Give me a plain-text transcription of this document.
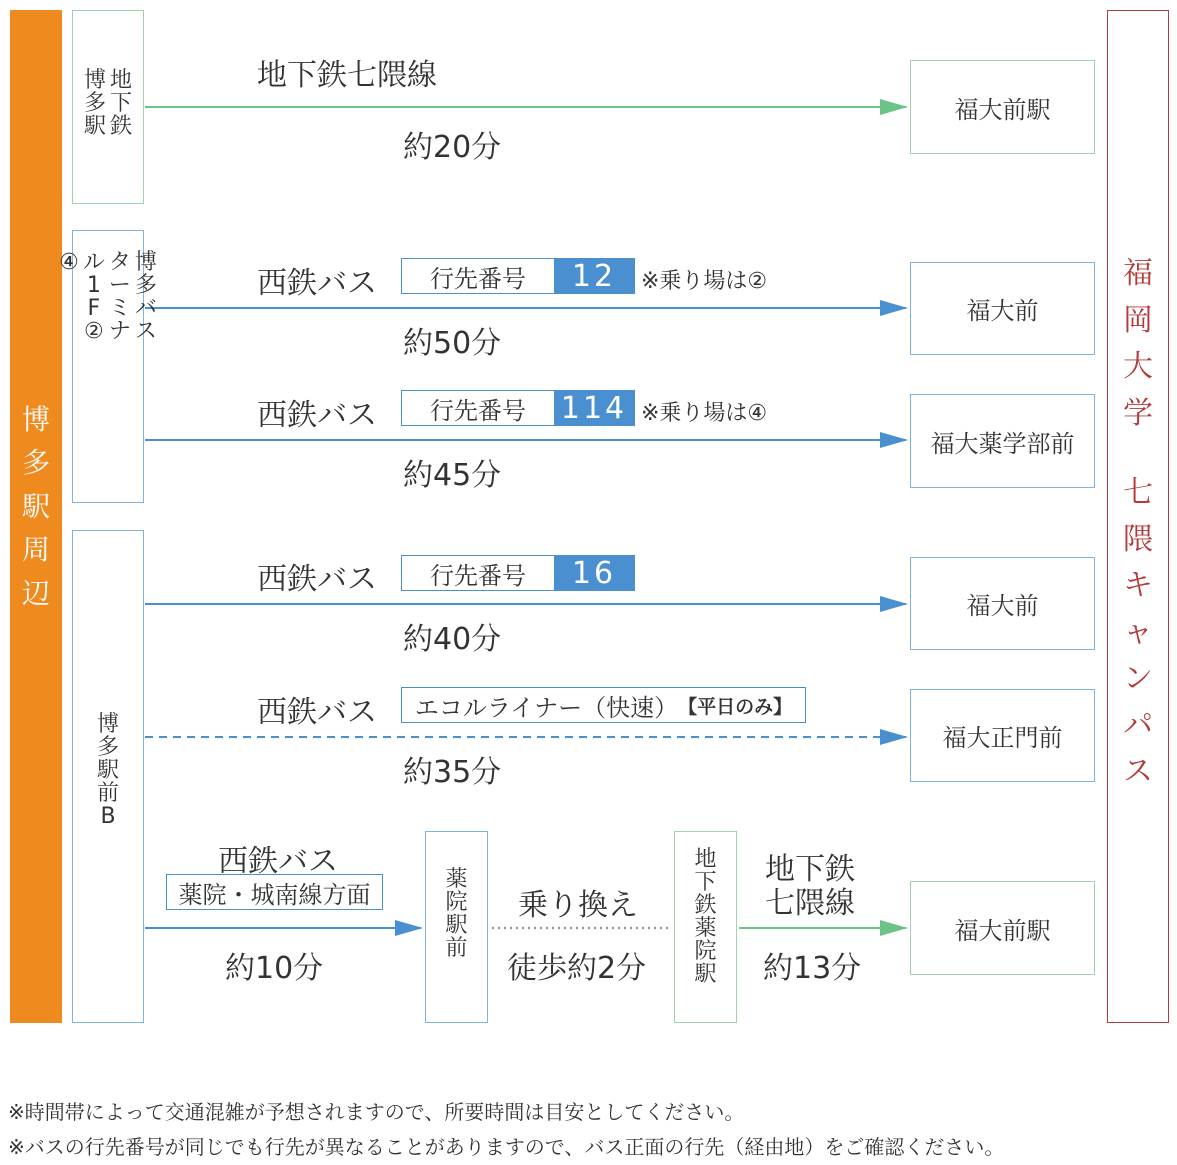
博
多
駅
周
辺
福
岡
大
学

七
隈
キ
ャ
ン
パ
ス
地
下
鉄
博
多
駅
博
多
バ
ス
タ
ー
ミ
ナ
ル
1
F
②
④
博
多
駅
前
B
地下鉄七隈線
約20分
福大前駅
西鉄バス	行先番号	12	※乗り場は②
約50分
福大前
西鉄バス	行先番号	114 ※乗り場は④
約45分
福大薬学部前
西鉄バス	行先番号	16
約40分
福大前
西鉄バス エコルライナー（快速） 【平日のみ】
約35分
福大正門前
西鉄バス
薬院・城南線方面
約10分
薬
院
駅
前
乗り換え
徒歩約2分
地
下
鉄
薬
院
駅
地下鉄
七隈線
約13分
福大前駅
※時間帯によって交通混雑が予想されますので、所要時間は目安としてください。
※バスの行先番号が同じでも行先が異なることがありますので、バス正面の行先（経由地）をご確認ください。
